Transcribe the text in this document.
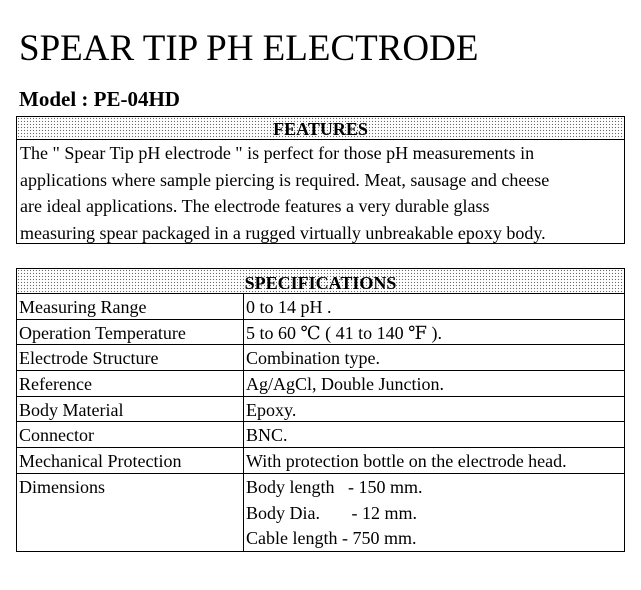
SPEAR TIP PH ELECTRODE
Model : PE-04HD
FEATURES

The " Spear Tip pH electrode " is perfect for those pH measurements in

applications where sample piercing is required. Meat, sausage and cheese

are ideal applications. The electrode features a very durable glass

measuring spear packaged in a rugged virtually unbreakable epoxy body.

SPECIFICATIONS
Measuring Range	0 to 14 pH .
Operation Temperature	5 to 60 ℃ ( 41 to 140 ℉ ).
Electrode Structure	Combination type.
Reference	Ag/AgCl, Double Junction.
Body Material	Epoxy.
Connector	BNC.
Mechanical Protection	With protection bottle on the electrode head.
Dimensions	Body length   - 150 mm.
Body Dia.       - 12 mm.
Cable length - 750 mm.
